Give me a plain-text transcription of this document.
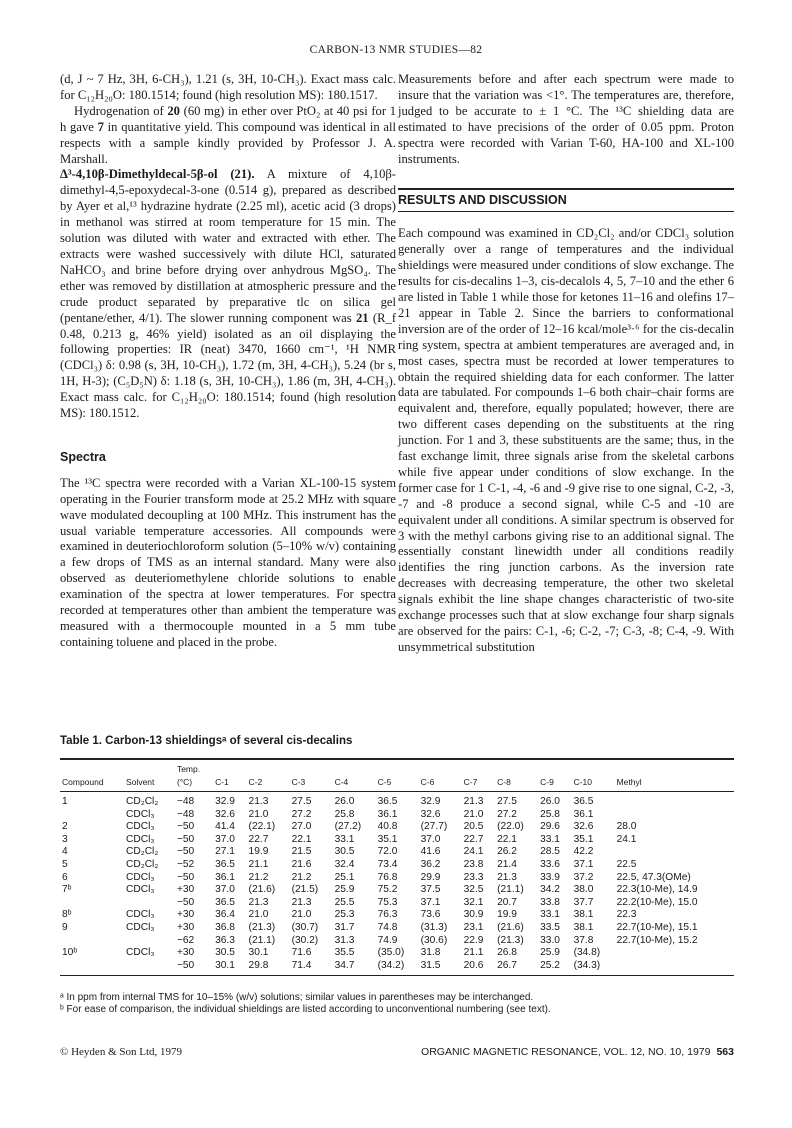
CARBON-13 NMR STUDIES—82

(d, J ~ 7 Hz, 3H, 6-CH₃), 1.21 (s, 3H, 10-CH₃). Exact mass calc. for C₁₂H₂₀O: 180.1514; found (high resolution MS): 180.1517.

Hydrogenation of 20 (60 mg) in ether over PtO₂ at 40 psi for 1 h gave 7 in quantitative yield. This compound was identical in all respects with a sample kindly provided by Professor J. A. Marshall.

Δ³-4,10β-Dimethyldecal-5β-ol (21). A mixture of 4,10β-dimethyl-4,5-epoxydecal-3-one (0.514 g), prepared as described by Ayer et al,¹³ hydrazine hydrate (2.25 ml), acetic acid (3 drops) in methanol was stirred at room temperature for 15 min. The solution was diluted with water and extracted with ether. The extracts were washed successively with dilute HCl, saturated NaHCO₃ and brine before drying over anhydrous MgSO₄. The ether was removed by distillation at atmospheric pressure and the crude product separated by preparative tlc on silica gel (pentane/ether, 4/1). The slower running component was 21 (R_f 0.48, 0.213 g, 46% yield) isolated as an oil displaying the following properties: IR (neat) 3470, 1660 cm⁻¹, ¹H NMR (CDCl₃) δ: 0.98 (s, 3H, 10-CH₃), 1.72 (m, 3H, 4-CH₃), 5.24 (br s, 1H, H-3); (C₅D₅N) δ: 1.18 (s, 3H, 10-CH₃), 1.86 (m, 3H, 4-CH₃). Exact mass calc. for C₁₂H₂₀O: 180.1514; found (high resolution MS): 180.1512.

Spectra

The ¹³C spectra were recorded with a Varian XL-100-15 system operating in the Fourier transform mode at 25.2 MHz with square wave modulated decoupling at 100 MHz. This instrument has the usual variable temperature accessories. All compounds were examined in deuteriochloroform solution (5–10% w/v) containing a few drops of TMS as an internal standard. Many were also observed as deuteriomethylene chloride solutions to enable examination of the spectra at lower temperatures. For spectra recorded at temperatures other than ambient the temperature was measured with a thermocouple mounted in a 5 mm tube containing toluene and placed in the probe.

Measurements before and after each spectrum were made to insure that the variation was <1°. The temperatures are, therefore, judged to be accurate to ± 1 °C. The ¹³C shielding data are estimated to have precisions of the order of 0.05 ppm. Proton spectra were recorded with Varian T-60, HA-100 and XL-100 instruments.

RESULTS AND DISCUSSION

Each compound was examined in CD₂Cl₂ and/or CDCl₃ solution generally over a range of temperatures and the individual shieldings were measured under conditions of slow exchange. The results for cis-decalins 1–3, cis-decalols 4, 5, 7–10 and the ether 6 are listed in Table 1 while those for ketones 11–16 and olefins 17–21 appear in Table 2. Since the barriers to conformational inversion are of the order of 12–16 kcal/mole³·⁶ for the cis-decalin ring system, spectra at ambient temperatures are averaged and, in most cases, spectra must be recorded at lower temperatures to obtain the required shielding data for each conformer. The latter data are tabulated. For compounds 1–6 both chair–chair forms are equivalent and, therefore, equally populated; however, there are two different cases depending on the substituents at the ring junction. For 1 and 3, these substituents are the same; thus, in the fast exchange limit, three signals arise from the skeletal carbons while five appear under conditions of slow exchange. In the former case for 1 C-1, -4, -6 and -9 give rise to one signal, C-2, -3, -7 and -8 produce a second signal, while C-5 and -10 are equivalent under all conditions. A similar spectrum is observed for 3 with the methyl carbons giving rise to an additional signal. The essentially constant linewidth under all conditions readily identifies the ring junction carbons. As the inversion rate decreases with decreasing temperature, the other two skeletal signals exhibit the line shape changes characteristic of two-site exchange processes such that at slow exchange four sharp signals are observed for the pairs: C-1, -6; C-2, -7; C-3, -8; C-4, -9. With unsymmetrical substitution

Table 1. Carbon-13 shieldingsᵃ of several cis-decalins
		Temp.											
Compound	Solvent	(°C)	C-1	C-2	C-3	C-4	C-5	C-6	C-7	C-8	C-9	C-10	Methyl
1	CD₂Cl₂	−48	32.9	21.3	27.5	26.0	36.5	32.9	21.3	27.5	26.0	36.5	
	CDCl₃	−48	32.6	21.0	27.2	25.8	36.1	32.6	21.0	27.2	25.8	36.1	
2	CDCl₃	−50	41.4	(22.1)	27.0	(27.2)	40.8	(27.7)	20.5	(22.0)	29.6	32.6	28.0
3	CDCl₃	−50	37.0	22.7	22.1	33.1	35.1	37.0	22.7	22.1	33.1	35.1	24.1
4	CD₂Cl₂	−50	27.1	19.9	21.5	30.5	72.0	41.6	24.1	26.2	28.5	42.2	
5	CD₂Cl₂	−52	36.5	21.1	21.6	32.4	73.4	36.2	23.8	21.4	33.6	37.1	22.5
6	CDCl₃	−50	36.1	21.2	21.2	25.1	76.8	29.9	23.3	21.3	33.9	37.2	22.5, 47.3(OMe)
7ᵇ	CDCl₃	+30	37.0	(21.6)	(21.5)	25.9	75.2	37.5	32.5	(21.1)	34.2	38.0	22.3(10-Me), 14.9
		−50	36.5	21.3	21.3	25.5	75.3	37.1	32.1	20.7	33.8	37.7	22.2(10-Me), 15.0
8ᵇ	CDCl₃	+30	36.4	21.0	21.0	25.3	76.3	73.6	30.9	19.9	33.1	38.1	22.3
9	CDCl₃	+30	36.8	(21.3)	(30.7)	31.7	74.8	(31.3)	23.1	(21.6)	33.5	38.1	22.7(10-Me), 15.1
		−62	36.3	(21.1)	(30.2)	31.3	74.9	(30.6)	22.9	(21.3)	33.0	37.8	22.7(10-Me), 15.2
10ᵇ	CDCl₃	+30	30.5	30.1	71.6	35.5	(35.0)	31.8	21.1	26.8	25.9	(34.8)	
		−50	30.1	29.8	71.4	34.7	(34.2)	31.5	20.6	26.7	25.2	(34.3)	
ᵃ In ppm from internal TMS for 10–15% (w/v) solutions; similar values in parentheses may be interchanged.
ᵇ For ease of comparison, the individual shieldings are listed according to unconventional numbering (see text).
© Heyden & Son Ltd, 1979	ORGANIC MAGNETIC RESONANCE, VOL. 12, NO. 10, 1979 563
